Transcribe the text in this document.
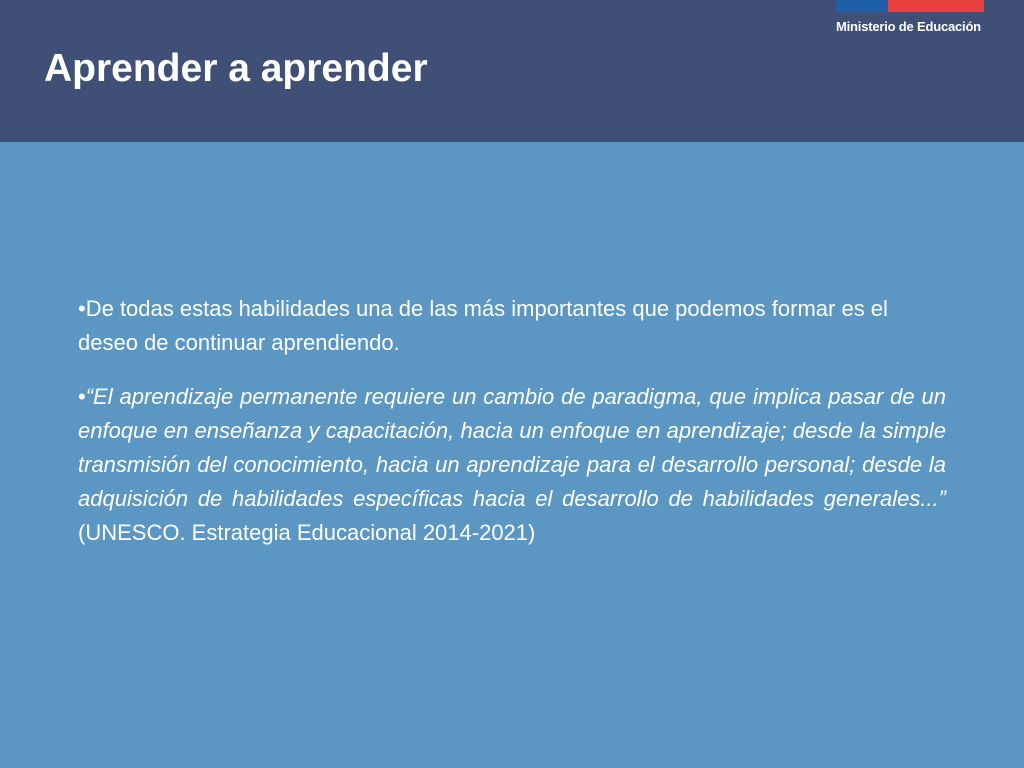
Ministerio de Educación
Aprender a aprender

•De todas estas habilidades una de las más importantes que podemos formar es el deseo de continuar aprendiendo.

•“El aprendizaje permanente requiere un cambio de paradigma, que implica pasar de un enfoque en enseñanza y capacitación, hacia un enfoque en aprendizaje; desde la simple transmisión del conocimiento, hacia un aprendizaje para el desarrollo personal; desde la adquisición de habilidades específicas hacia el desarrollo de habilidades generales...” (UNESCO. Estrategia Educacional 2014-2021)
